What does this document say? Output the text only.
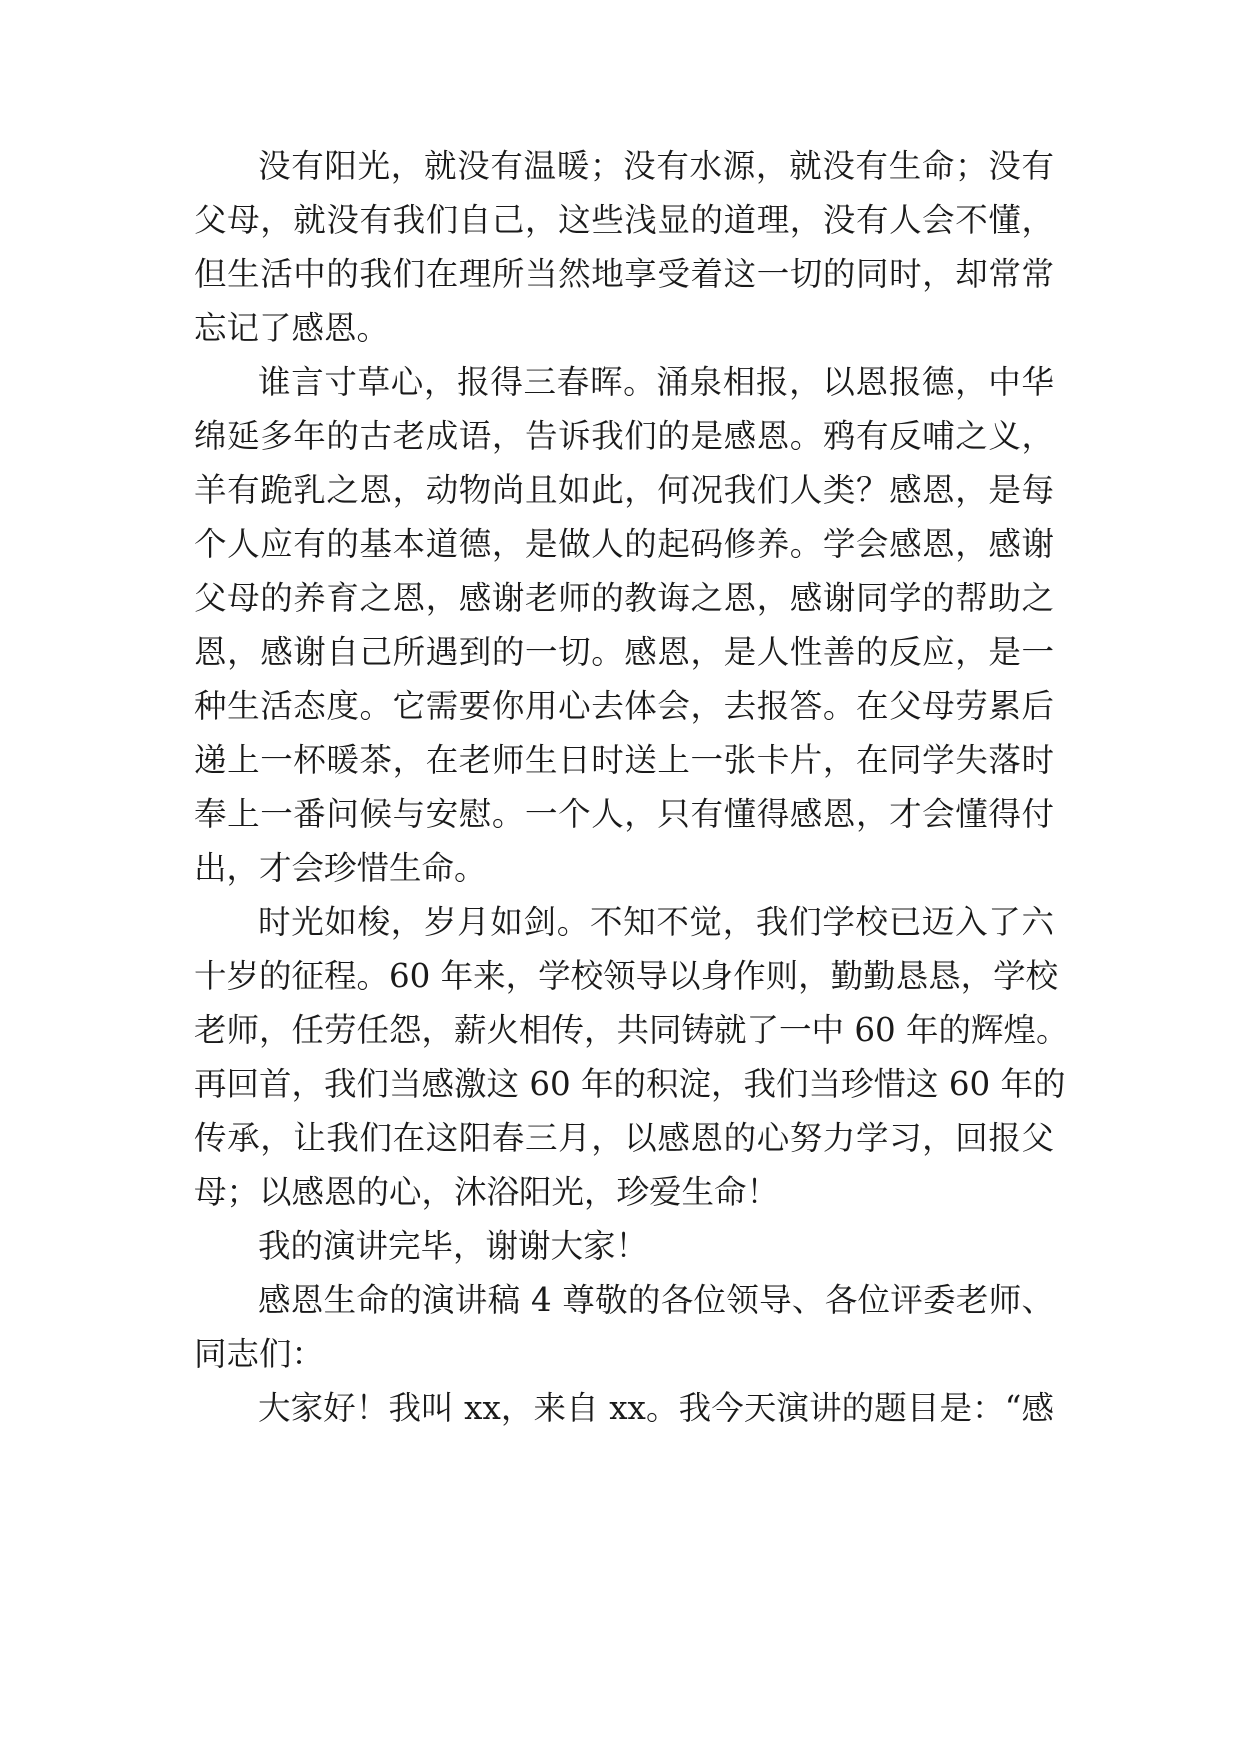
没有阳光，就没有温暖；没有水源，就没有生命；没有
父母，就没有我们自己，这些浅显的道理，没有人会不懂，
但生活中的我们在理所当然地享受着这一切的同时，却常常
忘记了感恩。
谁言寸草心，报得三春晖。涌泉相报，以恩报德，中华
绵延多年的古老成语，告诉我们的是感恩。鸦有反哺之义，
羊有跪乳之恩，动物尚且如此，何况我们人类？感恩，是每
个人应有的基本道德，是做人的起码修养。学会感恩，感谢
父母的养育之恩，感谢老师的教诲之恩，感谢同学的帮助之
恩，感谢自己所遇到的一切。感恩，是人性善的反应，是一
种生活态度。它需要你用心去体会，去报答。在父母劳累后
递上一杯暖茶，在老师生日时送上一张卡片，在同学失落时
奉上一番问候与安慰。一个人，只有懂得感恩，才会懂得付
出，才会珍惜生命。
时光如梭，岁月如剑。不知不觉，我们学校已迈入了六
十岁的征程。60 年来，学校领导以身作则，勤勤恳恳，学校
老师，任劳任怨，薪火相传，共同铸就了一中 60 年的辉煌。
再回首，我们当感激这 60 年的积淀，我们当珍惜这 60 年的
传承，让我们在这阳春三月，以感恩的心努力学习，回报父
母；以感恩的心，沐浴阳光，珍爱生命！
我的演讲完毕，谢谢大家！
感恩生命的演讲稿 4 尊敬的各位领导、各位评委老师、
同志们：
大家好！我叫 xx，来自 xx。我今天演讲的题目是：“感
